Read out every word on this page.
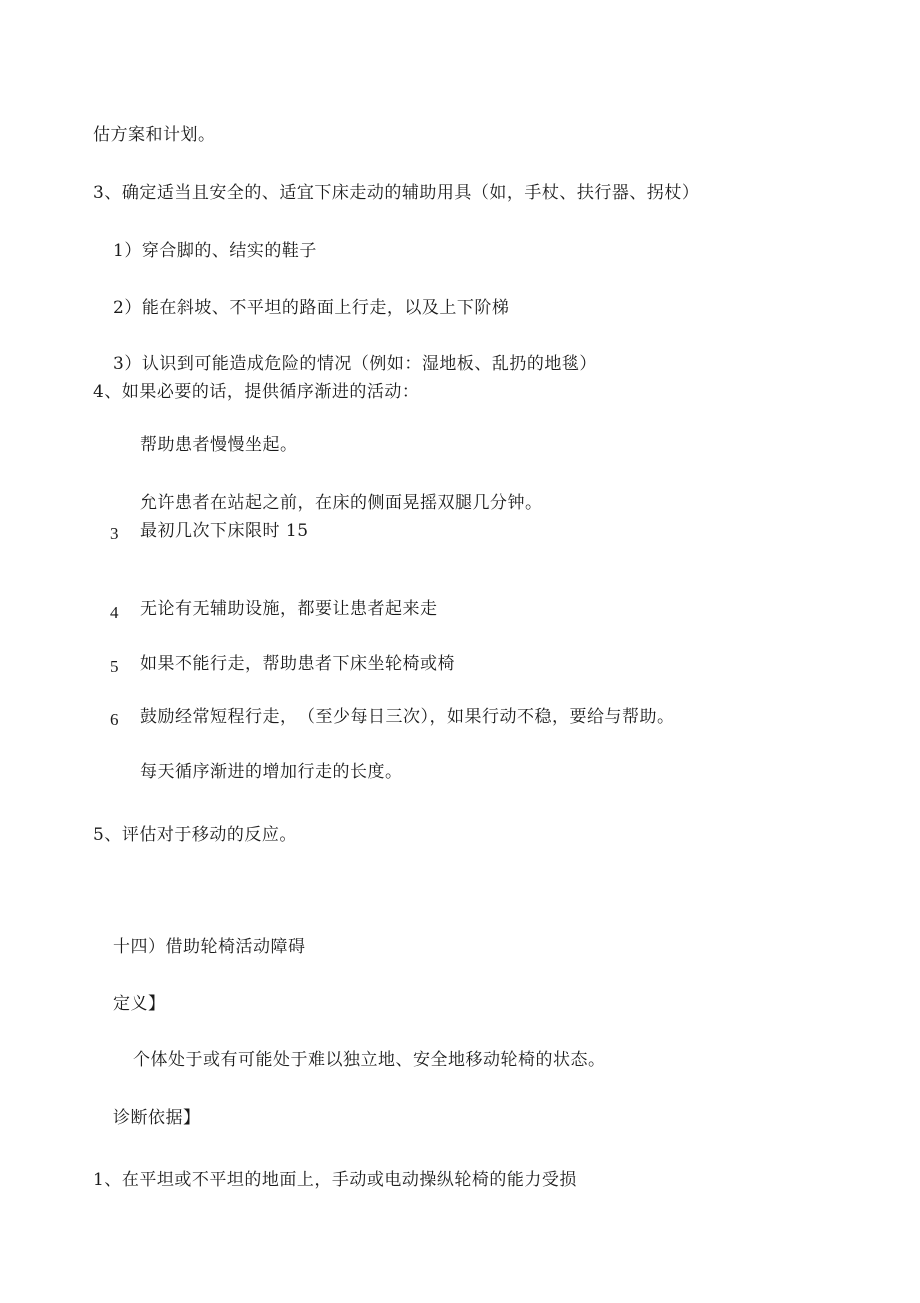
估方案和计划。
3、确定适当且安全的、适宜下床走动的辅助用具（如，手杖、扶行器、拐杖）
1）穿合脚的、结实的鞋子
2）能在斜坡、不平坦的路面上行走，以及上下阶梯
3）认识到可能造成危险的情况（例如：湿地板、乱扔的地毯）
4、如果必要的话，提供循序渐进的活动：
帮助患者慢慢坐起。
允许患者在站起之前，在床的侧面晃摇双腿几分钟。
3 最初几次下床限时 15
4 无论有无辅助设施，都要让患者起来走
5 如果不能行走，帮助患者下床坐轮椅或椅
6 鼓励经常短程行走，　（至少每日三次），如果行动不稳，要给与帮助。
每天循序渐进的增加行走的长度。
5、评估对于移动的反应。
十四）借助轮椅活动障碍
定义】
个体处于或有可能处于难以独立地、安全地移动轮椅的状态。
诊断依据】
1、在平坦或不平坦的地面上，手动或电动操纵轮椅的能力受损
